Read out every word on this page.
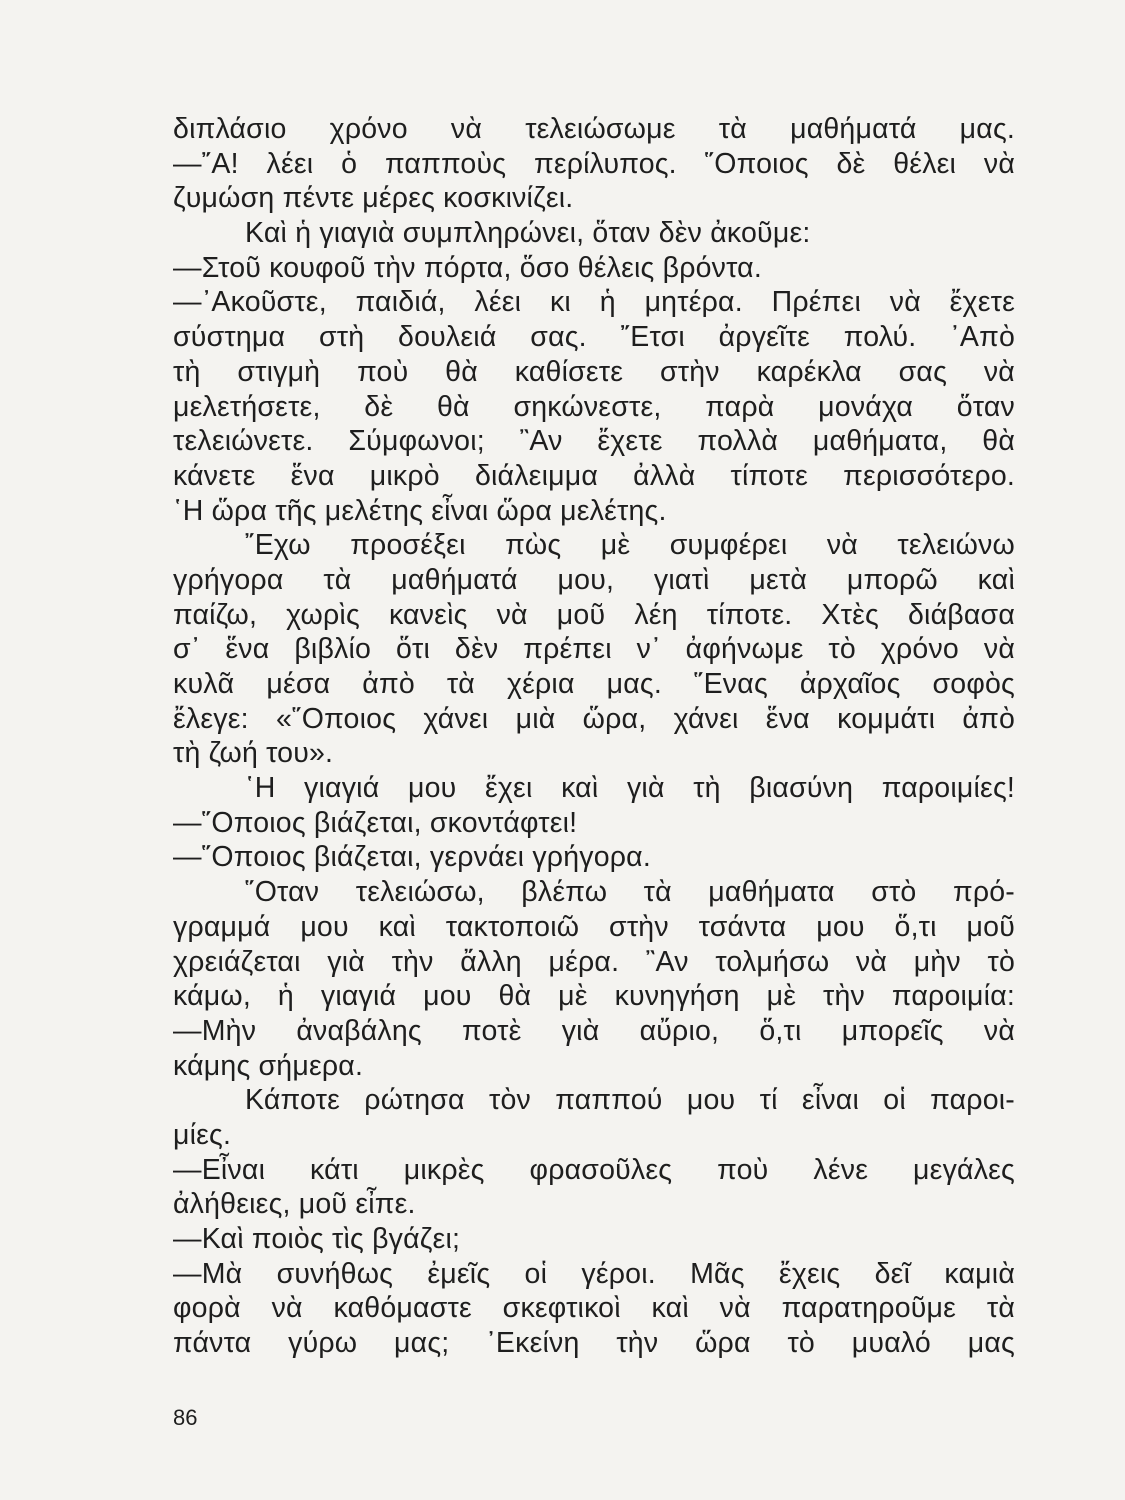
διπλάσιο χρόνο νὰ τελειώσωμε τὰ μαθήματά μας.
—῎Α! λέει ὁ παπποὺς περίλυπος. ῞Οποιος δὲ θέλει νὰ
ζυμώση πέντε μέρες κοσκινίζει.
Καὶ ἡ γιαγιὰ συμπληρώνει, ὅταν δὲν ἀκοῦμε:
—Στοῦ κουφοῦ τὴν πόρτα, ὅσο θέλεις βρόντα.
—᾿Ακοῦστε, παιδιά, λέει κι ἡ μητέρα. Πρέπει νὰ ἔχετε
σύστημα στὴ δουλειά σας. ῎Ετσι ἀργεῖτε πολύ. ᾿Απὸ
τὴ στιγμὴ ποὺ θὰ καθίσετε στὴν καρέκλα σας νὰ
μελετήσετε, δὲ θὰ σηκώνεστε, παρὰ μονάχα ὅταν
τελειώνετε. Σύμφωνοι; ῍Αν ἔχετε πολλὰ μαθήματα, θὰ
κάνετε ἕνα μικρὸ διάλειμμα ἀλλὰ τίποτε περισσότερο.
῾Η ὥρα τῆς μελέτης εἶναι ὥρα μελέτης.
῎Εχω προσέξει πὼς μὲ συμφέρει νὰ τελειώνω
γρήγορα τὰ μαθήματά μου, γιατὶ μετὰ μπορῶ καὶ
παίζω, χωρὶς κανεὶς νὰ μοῦ λέη τίποτε. Χτὲς διάβασα
σ᾿ ἕνα βιβλίο ὅτι δὲν πρέπει ν᾿ ἀφήνωμε τὸ χρόνο νὰ
κυλᾶ μέσα ἀπὸ τὰ χέρια μας. ῞Ενας ἀρχαῖος σοφὸς
ἔλεγε: «῞Οποιος χάνει μιὰ ὥρα, χάνει ἕνα κομμάτι ἀπὸ
τὴ ζωή του».
῾Η γιαγιά μου ἔχει καὶ γιὰ τὴ βιασύνη παροιμίες!
—῞Οποιος βιάζεται, σκοντάφτει!
—῞Οποιος βιάζεται, γερνάει γρήγορα.
῞Οταν τελειώσω, βλέπω τὰ μαθήματα στὸ πρό-
γραμμά μου καὶ τακτοποιῶ στὴν τσάντα μου ὅ,τι μοῦ
χρειάζεται γιὰ τὴν ἄλλη μέρα. ῍Αν τολμήσω νὰ μὴν τὸ
κάμω, ἡ γιαγιά μου θὰ μὲ κυνηγήση μὲ τὴν παροιμία:
—Μὴν ἀναβάλης ποτὲ γιὰ αὔριο, ὅ,τι μπορεῖς νὰ
κάμης σήμερα.
Κάποτε ρώτησα τὸν παππού μου τί εἶναι οἱ παροι-
μίες.
—Εἶναι κάτι μικρὲς φρασοῦλες ποὺ λένε μεγάλες
ἀλήθειες, μοῦ εἶπε.
—Καὶ ποιὸς τὶς βγάζει;
—Μὰ συνήθως ἐμεῖς οἱ γέροι. Μᾶς ἔχεις δεῖ καμιὰ
φορὰ νὰ καθόμαστε σκεφτικοὶ καὶ νὰ παρατηροῦμε τὰ
πάντα γύρω μας; ᾿Εκείνη τὴν ὥρα τὸ μυαλό μας
86
